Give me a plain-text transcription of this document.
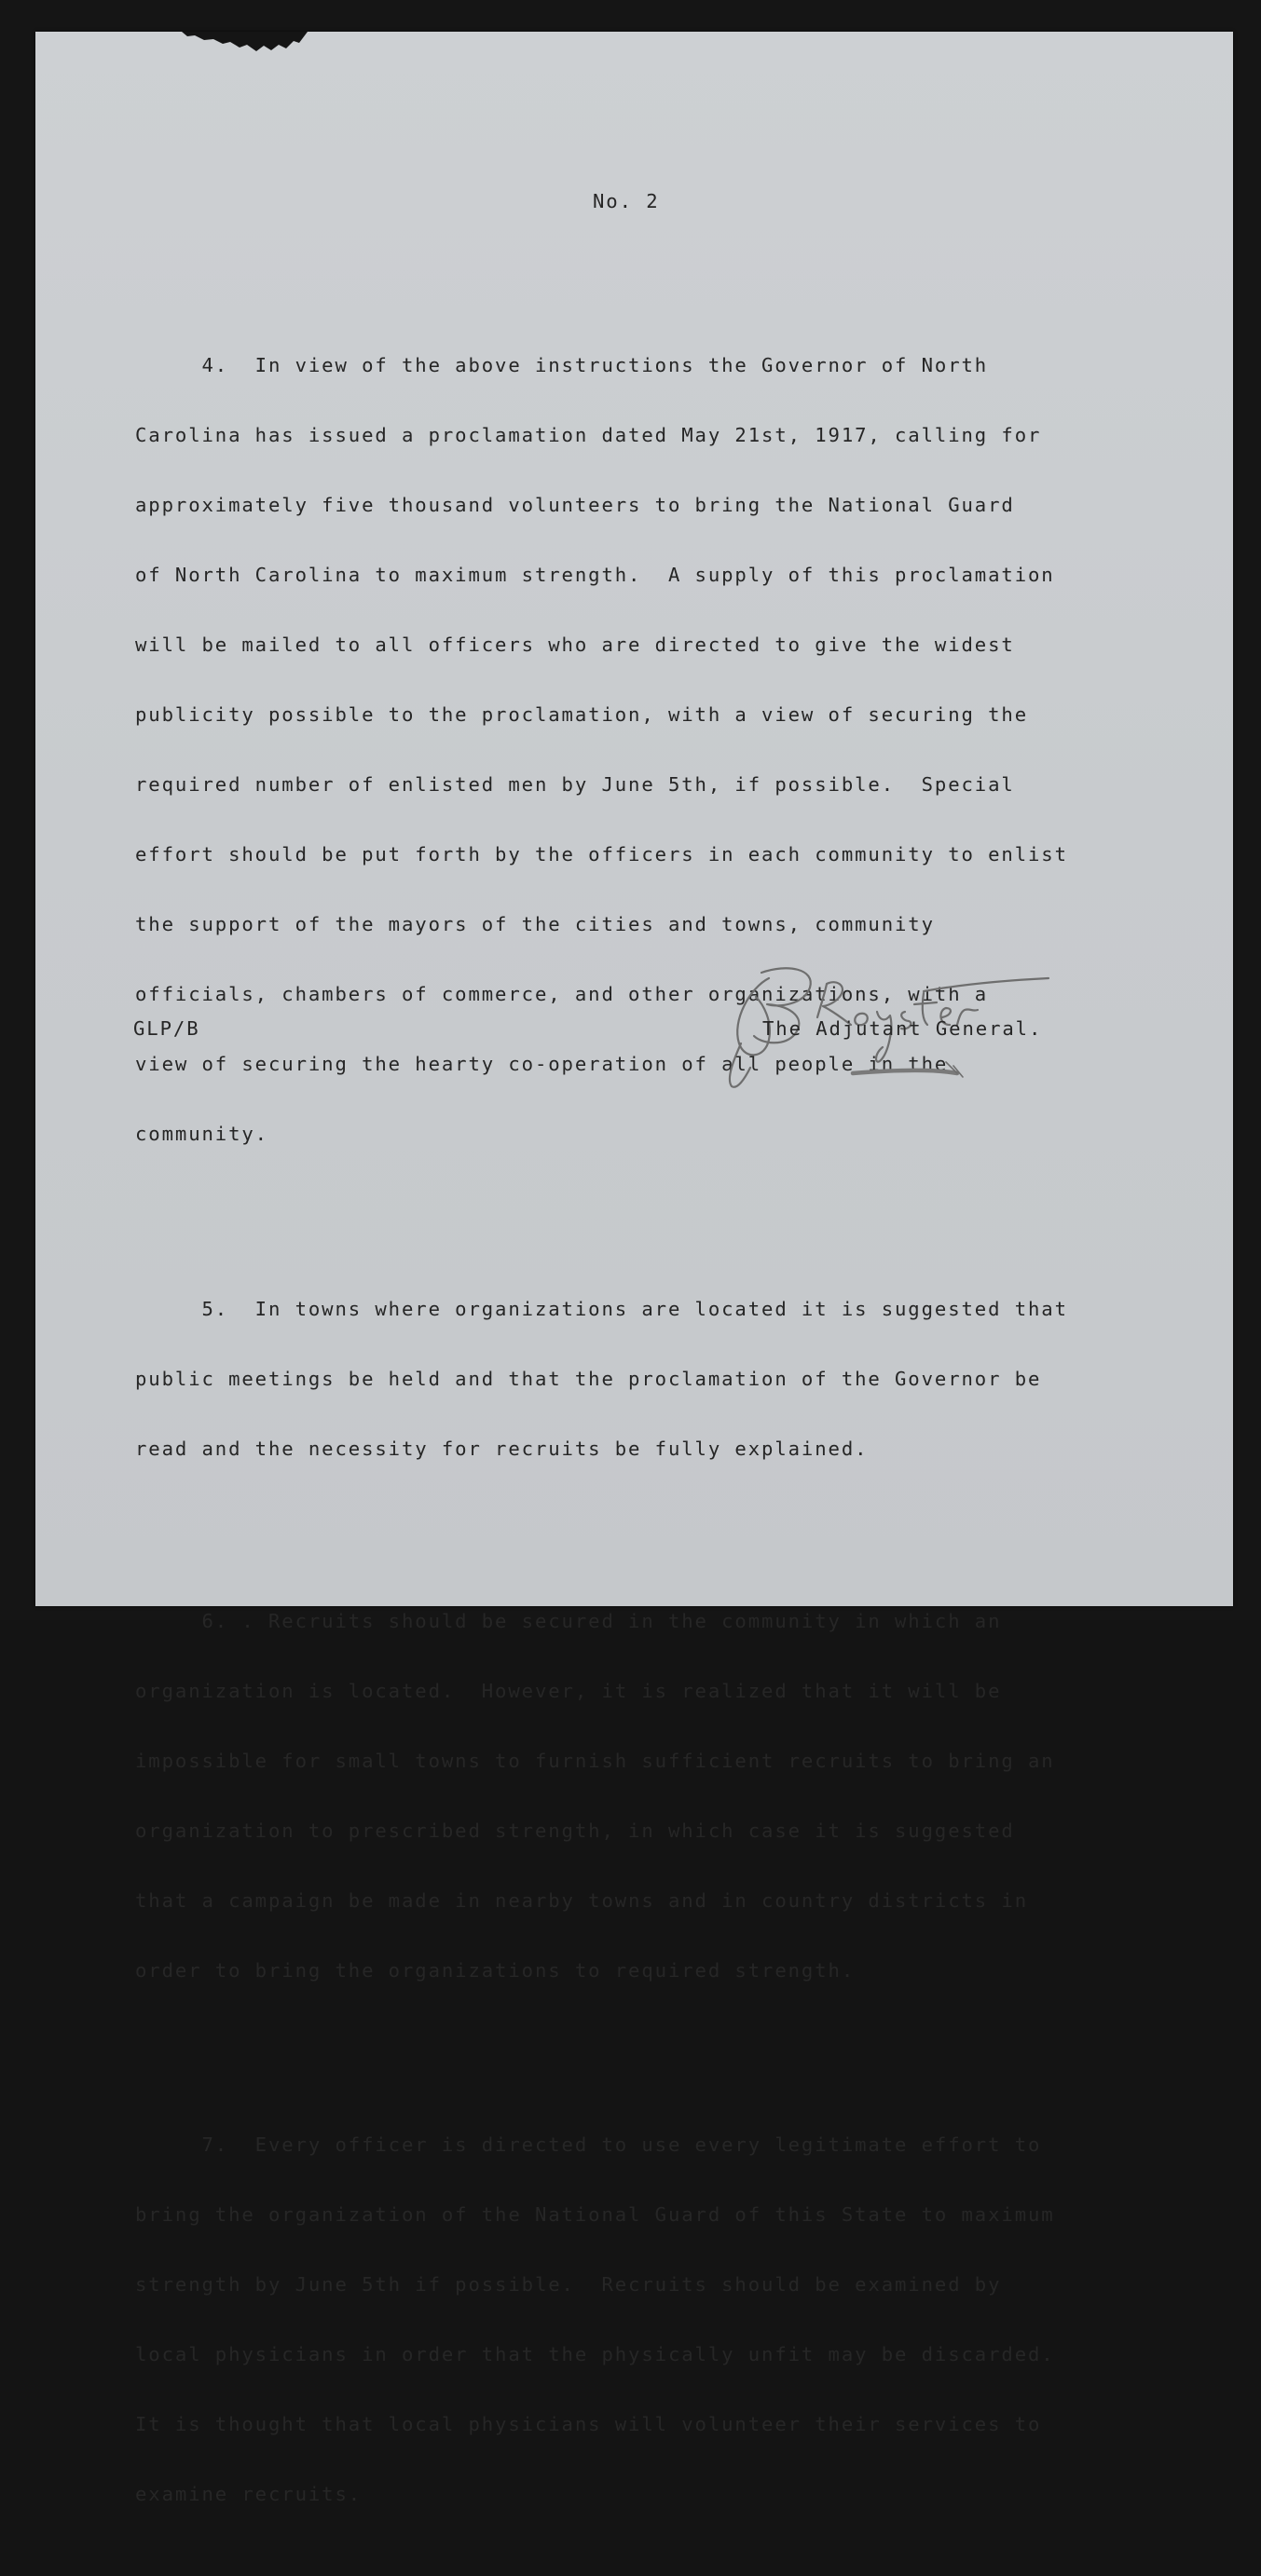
No. 2

4.  In view of the above instructions the Governor of North

Carolina has issued a proclamation dated May 21st, 1917, calling for

approximately five thousand volunteers to bring the National Guard

of North Carolina to maximum strength.  A supply of this proclamation

will be mailed to all officers who are directed to give the widest

publicity possible to the proclamation, with a view of securing the

required number of enlisted men by June 5th, if possible.  Special

effort should be put forth by the officers in each community to enlist

the support of the mayors of the cities and towns, community

officials, chambers of commerce, and other organizations, with a

view of securing the hearty co-operation of all people in the

community.

5.  In towns where organizations are located it is suggested that

public meetings be held and that the proclamation of the Governor be

read and the necessity for recruits be fully explained.

6. . Recruits should be secured in the community in which an

organization is located.  However, it is realized that it will be

impossible for small towns to furnish sufficient recruits to bring an

organization to prescribed strength, in which case it is suggested

that a campaign be made in nearby towns and in country districts in

order to bring the organizations to required strength.

7.  Every officer is directed to use every legitimate effort to

bring the organization of the National Guard of this State to maximum

strength by June 5th if possible.  Recruits should be examined by

local physicians in order that the physically unfit may be discarded.

It is thought that local physicians will volunteer their services to

examine recruits.

GLP/B	The Adjutant General.
